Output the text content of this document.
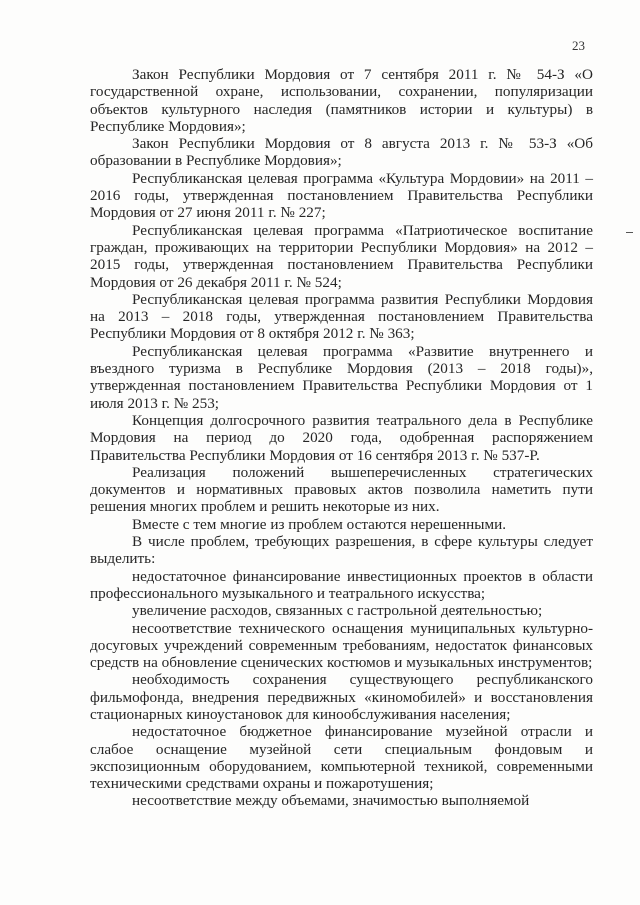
23

Закон Республики Мордовия от 7 сентября 2011 г. № 54-З «О государственной охране, использовании, сохранении, популяризации объектов культурного наследия (памятников истории и культуры) в Республике Мордовия»;

Закон Республики Мордовия от 8 августа 2013 г. № 53-З «Об образовании в Республике Мордовия»;

Республиканская целевая программа «Культура Мордовии» на 2011 – 2016 годы, утвержденная постановлением Правительства Республики Мордовия от 27 июня 2011 г. № 227;

Республиканская целевая программа «Патриотическое воспитание граждан, проживающих на территории Республики Мордовия» на 2012 – 2015 годы, утвержденная постановлением Правительства Республики Мордовия от 26 декабря 2011 г. № 524;

Республиканская целевая программа развития Республики Мордовия на 2013 – 2018 годы, утвержденная постановлением Правительства Республики Мордовия от 8 октября 2012 г. № 363;

Республиканская целевая программа «Развитие внутреннего и въездного туризма в Республике Мордовия (2013 – 2018 годы)», утвержденная постановлением Правительства Республики Мордовия от 1 июля 2013 г. № 253;

Концепция долгосрочного развития театрального дела в Республике Мордовия на период до 2020 года, одобренная распоряжением Правительства Республики Мордовия от 16 сентября 2013 г. № 537-Р.

Реализация положений вышеперечисленных стратегических документов и нормативных правовых актов позволила наметить пути решения многих проблем и решить некоторые из них.

Вместе с тем многие из проблем остаются нерешенными.

В числе проблем, требующих разрешения, в сфере культуры следует выделить:

недостаточное финансирование инвестиционных проектов в области профессионального музыкального и театрального искусства;

увеличение расходов, связанных с гастрольной деятельностью;

несоответствие технического оснащения муниципальных культурно-досуговых учреждений современным требованиям, недостаток финансовых средств на обновление сценических костюмов и музыкальных инструментов;

необходимость сохранения существующего республиканского фильмофонда, внедрения передвижных «киномобилей» и восстановления стационарных киноустановок для кинообслуживания населения;

недостаточное бюджетное финансирование музейной отрасли и слабое оснащение музейной сети специальным фондовым и экспозиционным оборудованием, компьютерной техникой, современными техническими средствами охраны и пожаротушения;

несоответствие между объемами, значимостью выполняемой
